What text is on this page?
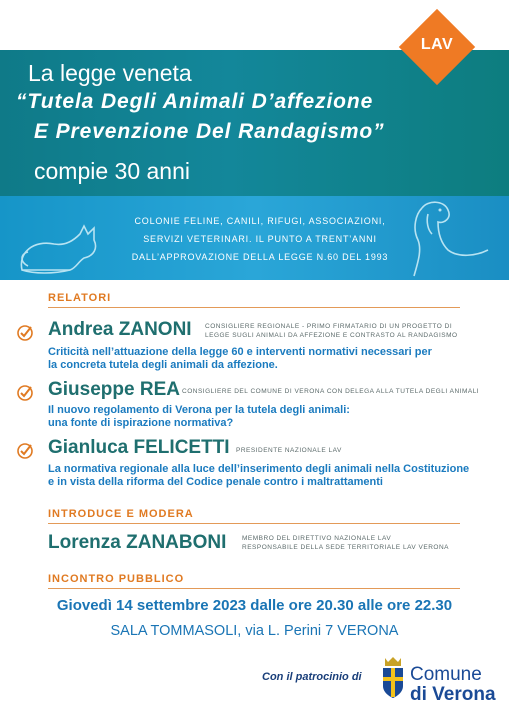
LAV
La legge veneta
“Tutela Degli Animali D’affezione
E Prevenzione Del Randagismo”
compie 30 anni
COLONIE FELINE, CANILI, RIFUGI, ASSOCIAZIONI,
SERVIZI VETERINARI. IL PUNTO A TRENT’ANNI
DALL’APPROVAZIONE DELLA LEGGE N.60 DEL 1993
RELATORI
Andrea ZANONI CONSIGLIERE REGIONALE - PRIMO FIRMATARIO DI UN PROGETTO DI
LEGGE SUGLI ANIMALI DA AFFEZIONE E CONTRASTO AL RANDAGISMO
Criticità nell’attuazione della legge 60 e interventi normativi necessari per
la concreta tutela degli animali da affezione.
Giuseppe REA CONSIGLIERE DEL COMUNE DI VERONA CON DELEGA ALLA TUTELA DEGLI ANIMALI
Il nuovo regolamento di Verona per la tutela degli animali:
una fonte di ispirazione normativa?
Gianluca FELICETTI PRESIDENTE NAZIONALE LAV
La normativa regionale alla luce dell’inserimento degli animali nella Costituzione
e in vista della riforma del Codice penale contro i maltrattamenti
INTRODUCE E MODERA
Lorenza ZANABONI MEMBRO DEL DIRETTIVO NAZIONALE LAV
RESPONSABILE DELLA SEDE TERRITORIALE LAV VERONA
INCONTRO PUBBLICO
Giovedì 14 settembre 2023 dalle ore 20.30 alle ore 22.30
SALA TOMMASOLI, via L. Perini 7 VERONA
Con il patrocinio di	Comune
di Verona
